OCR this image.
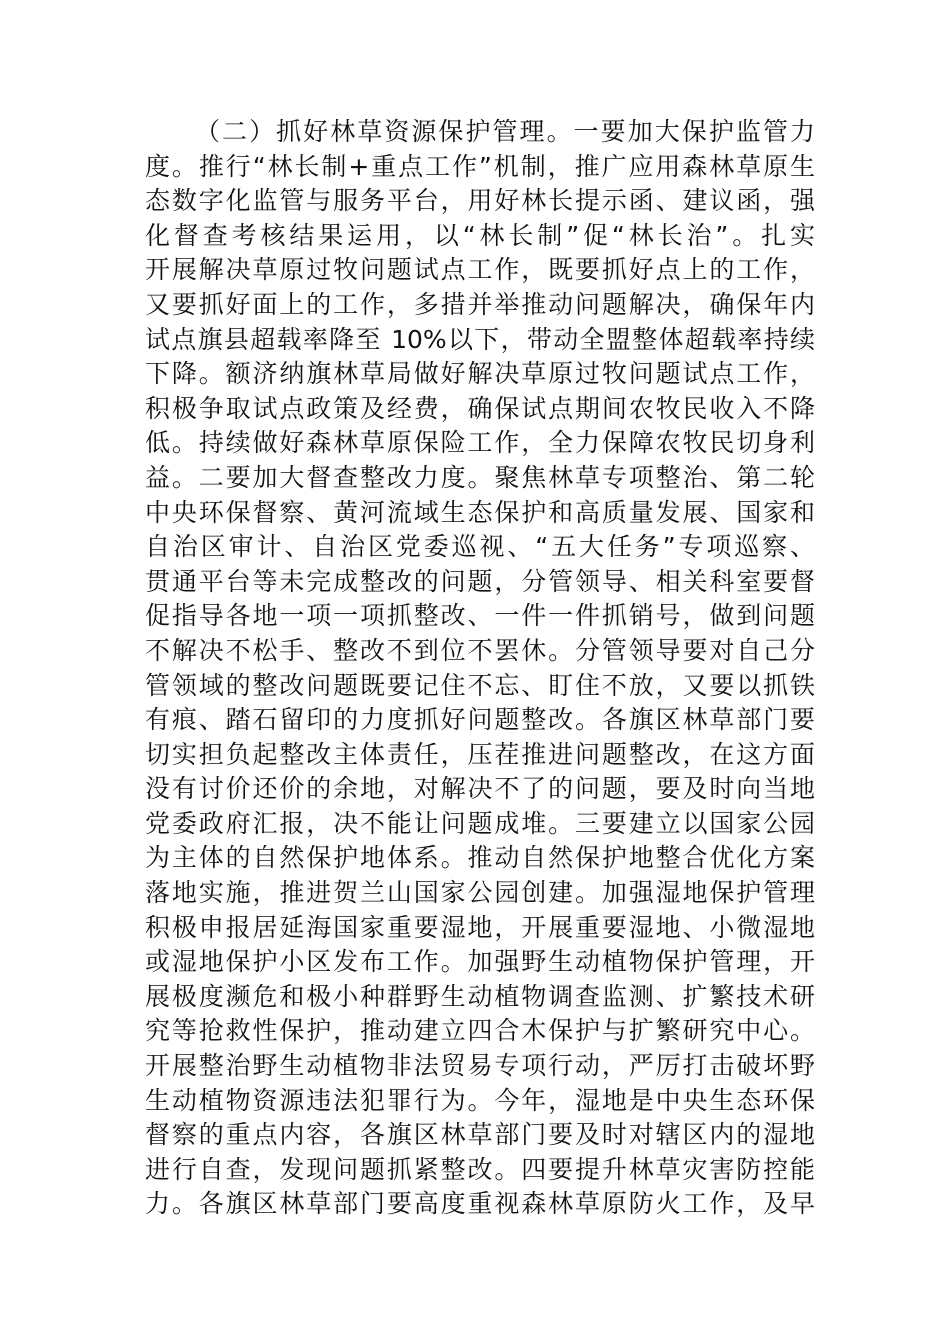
（二）抓好林草资源保护管理。一要加大保护监管力
度。推行“林长制+重点工作”机制，推广应用森林草原生
态数字化监管与服务平台，用好林长提示函、建议函，强
化督查考核结果运用，以“林长制”促“林长治”。扎实
开展解决草原过牧问题试点工作，既要抓好点上的工作，
又要抓好面上的工作，多措并举推动问题解决，确保年内
试点旗县超载率降至 10%以下，带动全盟整体超载率持续
下降。额济纳旗林草局做好解决草原过牧问题试点工作，
积极争取试点政策及经费，确保试点期间农牧民收入不降
低。持续做好森林草原保险工作，全力保障农牧民切身利
益。二要加大督查整改力度。聚焦林草专项整治、第二轮
中央环保督察、黄河流域生态保护和高质量发展、国家和
自治区审计、自治区党委巡视、“五大任务”专项巡察、
贯通平台等未完成整改的问题，分管领导、相关科室要督
促指导各地一项一项抓整改、一件一件抓销号，做到问题
不解决不松手、整改不到位不罢休。分管领导要对自己分
管领域的整改问题既要记住不忘、盯住不放，又要以抓铁
有痕、踏石留印的力度抓好问题整改。各旗区林草部门要
切实担负起整改主体责任，压茬推进问题整改，在这方面
没有讨价还价的余地，对解决不了的问题，要及时向当地
党委政府汇报，决不能让问题成堆。三要建立以国家公园
为主体的自然保护地体系。推动自然保护地整合优化方案
落地实施，推进贺兰山国家公园创建。加强湿地保护管理
积极申报居延海国家重要湿地，开展重要湿地、小微湿地
或湿地保护小区发布工作。加强野生动植物保护管理，开
展极度濒危和极小种群野生动植物调查监测、扩繁技术研
究等抢救性保护，推动建立四合木保护与扩繁研究中心。
开展整治野生动植物非法贸易专项行动，严厉打击破坏野
生动植物资源违法犯罪行为。今年，湿地是中央生态环保
督察的重点内容，各旗区林草部门要及时对辖区内的湿地
进行自查，发现问题抓紧整改。四要提升林草灾害防控能
力。各旗区林草部门要高度重视森林草原防火工作，及早
